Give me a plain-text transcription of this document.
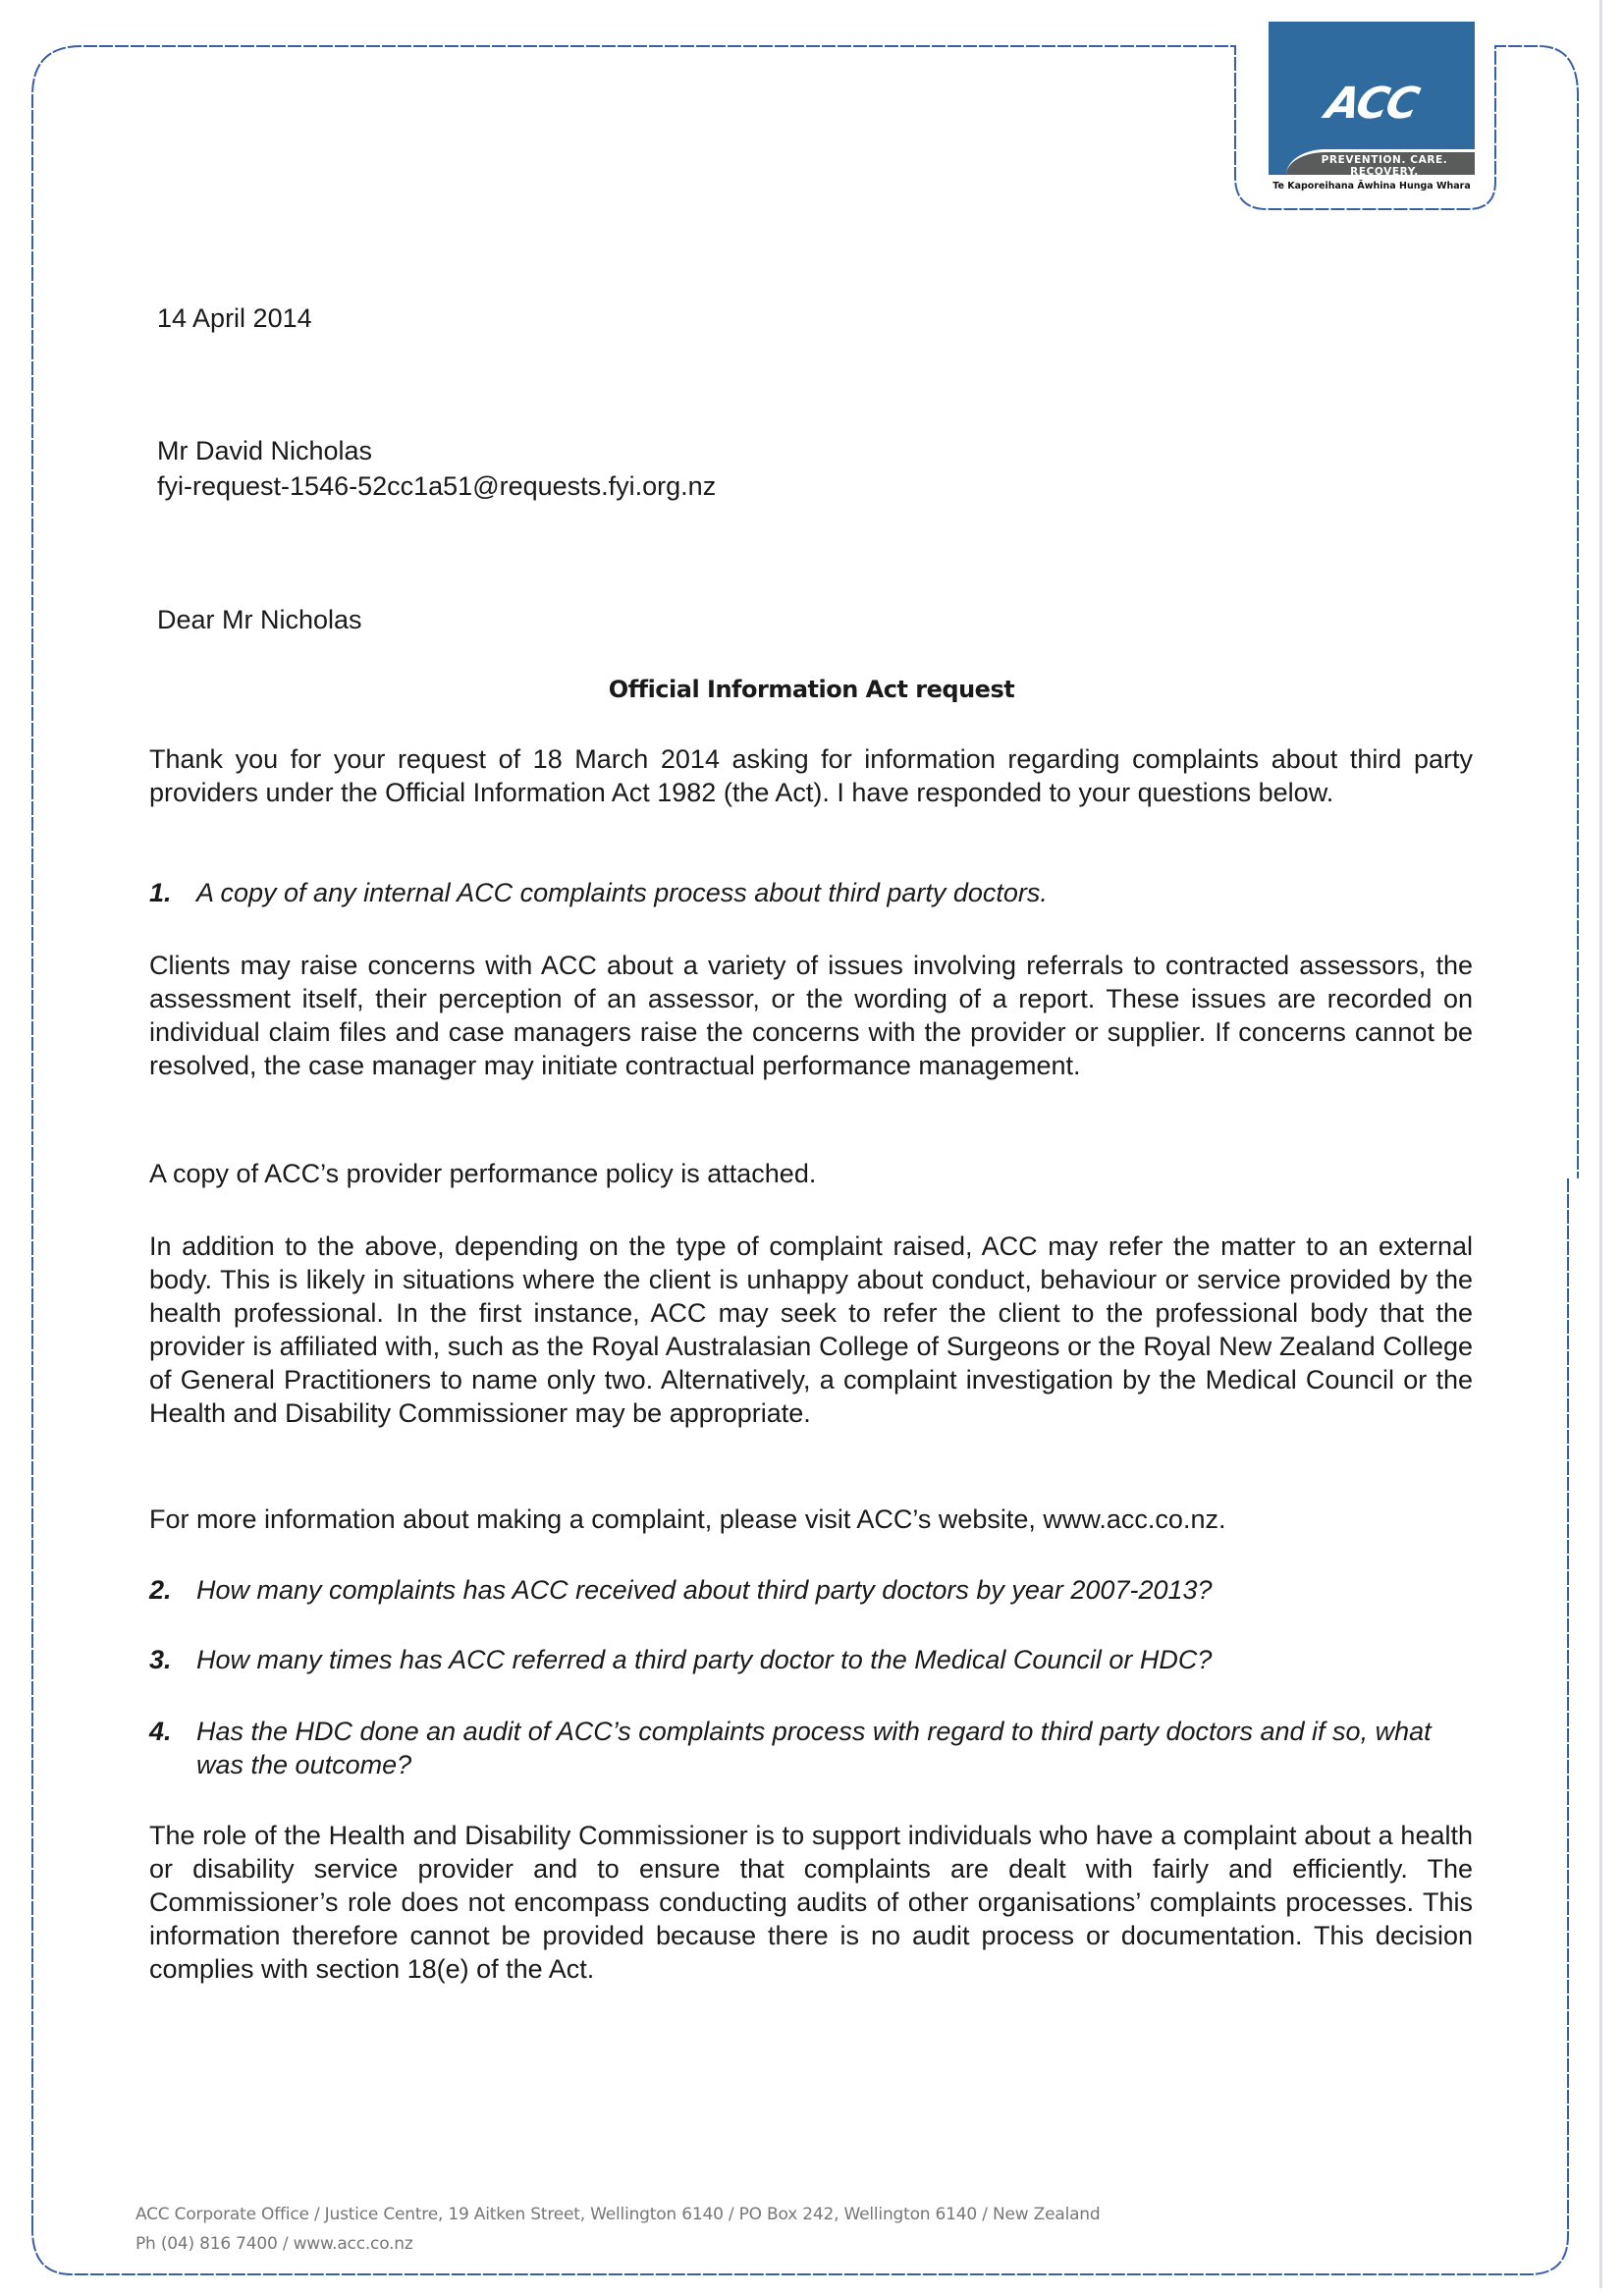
ACC
PREVENTION. CARE. RECOVERY.
Te Kaporeihana Āwhina Hunga Whara
14 April 2014
Mr David Nicholas
fyi-request-1546-52cc1a51@requests.fyi.org.nz
Dear Mr Nicholas
Official Information Act request
Thank you for your request of 18 March 2014 asking for information regarding complaints about third party providers under the Official Information Act 1982 (the Act). I have responded to your questions below.
1. A copy of any internal ACC complaints process about third party doctors.
Clients may raise concerns with ACC about a variety of issues involving referrals to contracted assessors, the assessment itself, their perception of an assessor, or the wording of a report. These issues are recorded on individual claim files and case managers raise the concerns with the provider or supplier. If concerns cannot be resolved, the case manager may initiate contractual performance management.
A copy of ACC’s provider performance policy is attached.
In addition to the above, depending on the type of complaint raised, ACC may refer the matter to an external body. This is likely in situations where the client is unhappy about conduct, behaviour or service provided by the health professional. In the first instance, ACC may seek to refer the client to the professional body that the provider is affiliated with, such as the Royal Australasian College of Surgeons or the Royal New Zealand College of General Practitioners to name only two. Alternatively, a complaint investigation by the Medical Council or the Health and Disability Commissioner may be appropriate.
For more information about making a complaint, please visit ACC’s website, www.acc.co.nz.
2. How many complaints has ACC received about third party doctors by year 2007-2013?
3. How many times has ACC referred a third party doctor to the Medical Council or HDC?
4. Has the HDC done an audit of ACC’s complaints process with regard to third party doctors and if so, what was the outcome?
The role of the Health and Disability Commissioner is to support individuals who have a complaint about a health or disability service provider and to ensure that complaints are dealt with fairly and efficiently. The Commissioner’s role does not encompass conducting audits of other organisations’ complaints processes. This information therefore cannot be provided because there is no audit process or documentation. This decision complies with section 18(e) of the Act.
ACC Corporate Office / Justice Centre, 19 Aitken Street, Wellington 6140 / PO Box 242, Wellington 6140 / New Zealand
Ph (04) 816 7400 / www.acc.co.nz
